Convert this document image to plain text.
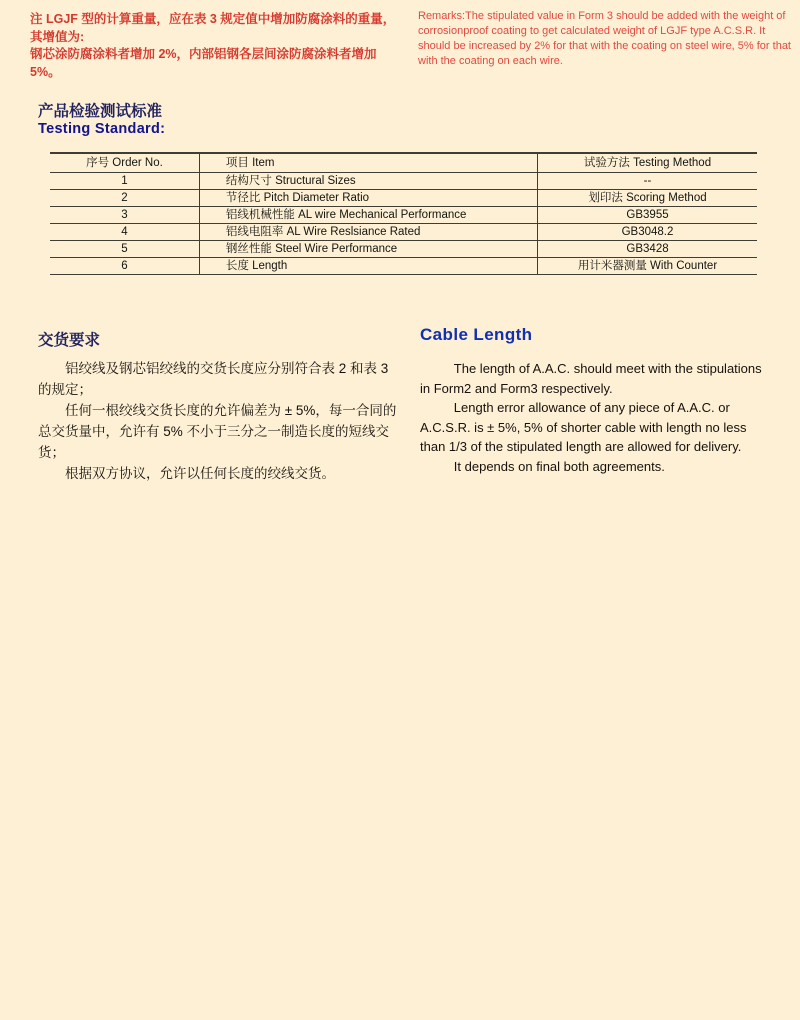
注 LGJF 型的计算重量，应在表 3 规定值中增加防腐涂料的重量，其增值为:
钢芯涂防腐涂料者增加 2%，内部铝钢各层间涂防腐涂料者增加 5%。
Remarks:The stipulated value in Form 3 should be added with the weight of corrosionproof coating to get calculated weight of LGJF type A.C.S.R. It should be increased by 2% for that with the coating on steel wire, 5% for that with the coating on each wire.
产品检验测试标准
Testing Standard:
序号 Order No.	项目 Item	试验方法 Testing Method
1	结构尺寸 Structural Sizes	--
2	节径比 Pitch Diameter Ratio	划印法 Scoring Method
3	铝线机械性能 AL wire Mechanical Performance	GB3955
4	铝线电阻率 AL Wire Reslsiance Rated	GB3048.2
5	钢丝性能 Steel Wire Performance	GB3428
6	长度 Length	用计米器测量 With Counter
交货要求

铝绞线及钢芯铝绞线的交货长度应分别符合表 2 和表 3 的规定；

任何一根绞线交货长度的允许偏差为 ± 5%，每一合同的总交货量中，允许有 5% 不小于三分之一制造长度的短线交货；

根据双方协议，允许以任何长度的绞线交货。

Cable Length

The length of A.A.C. should meet with the stipulations in Form2 and Form3 respectively.

Length error allowance of any piece of A.A.C. or A.C.S.R. is ± 5%, 5% of shorter cable with length no less than 1/3 of the stipulated length are allowed for delivery.

It depends on final both agreements.
